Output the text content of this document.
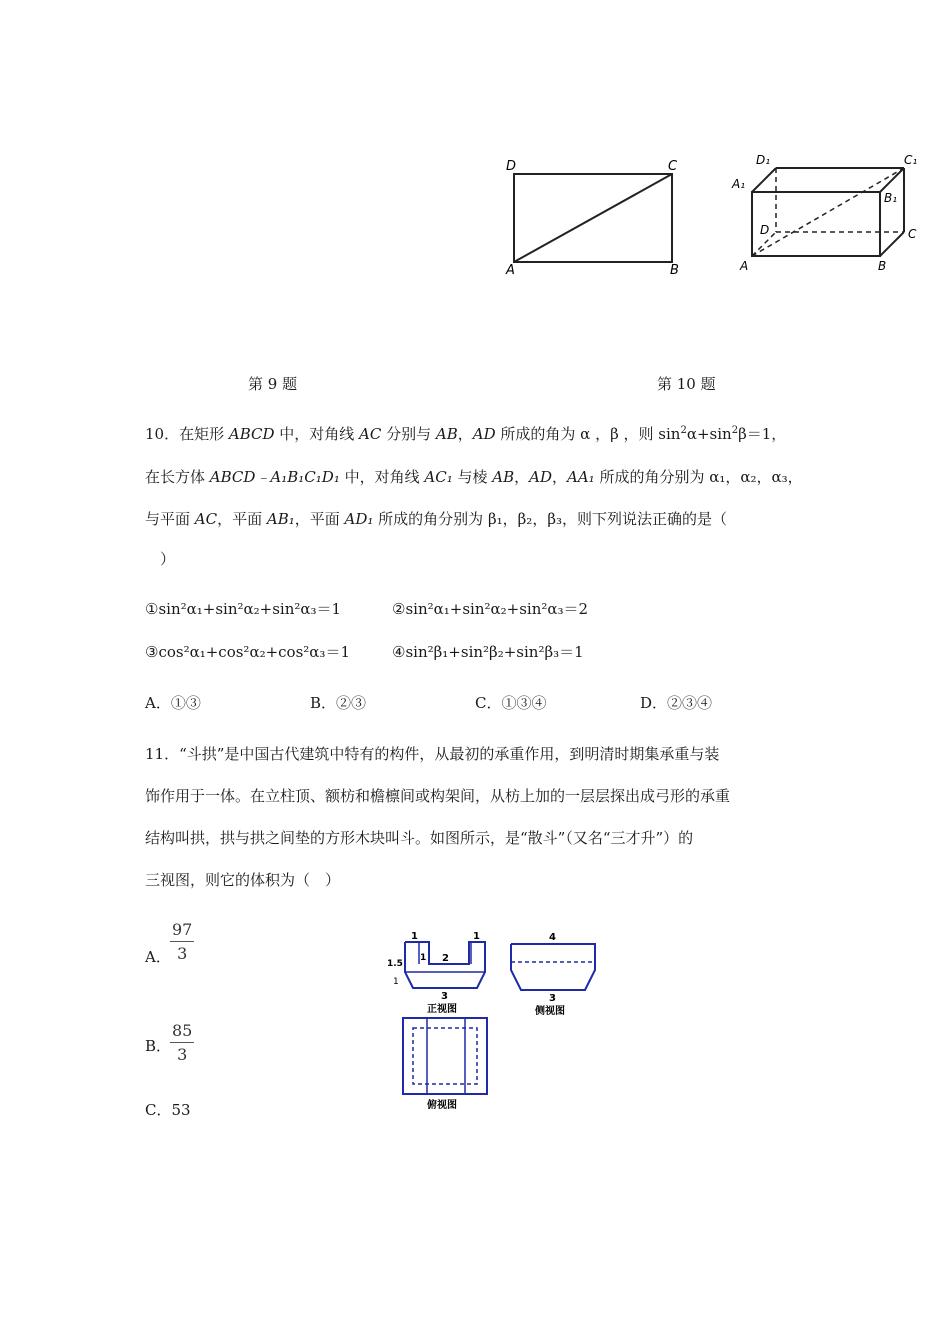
D	C
A	B
D₁	C₁
A₁
B₁
D	C
A	B
第 9 题	第 10 题
10．在矩形 ABCD 中，对角线 AC 分别与 AB，AD 所成的角为 α ，β ，则 $\sin^2\alpha+\sin^2\beta=1$，
在长方体 ABCD﹣A₁B₁C₁D₁ 中，对角线 AC₁ 与棱 AB，AD，AA₁ 所成的角分别为 α₁，α₂，α₃，
与平面 AC，平面 AB₁，平面 AD₁ 所成的角分别为 β₁，β₂，β₃，则下列说法正确的是（
）
①sin²α₁+sin²α₂+sin²α₃＝1	②sin²α₁+sin²α₂+sin²α₃＝2
③cos²α₁+cos²α₂+cos²α₃＝1	④sin²β₁+sin²β₂+sin²β₃＝1
A．①③	B．②③	C．①③④	D．②③④
11．“斗拱”是中国古代建筑中特有的构件，从最初的承重作用，到明清时期集承重与装
饰作用于一体。在立柱顶、额枋和檐檩间或构架间，从枋上加的一层层探出成弓形的承重
结构叫拱，拱与拱之间垫的方形木块叫斗。如图所示，是“散斗”（又名“三才升”）的
三视图，则它的体积为（　）
A．
97
3
B．
85
3
C．53
1	1
1 2
1.5
1
3
正视图
4
3
侧视图
俯视图
